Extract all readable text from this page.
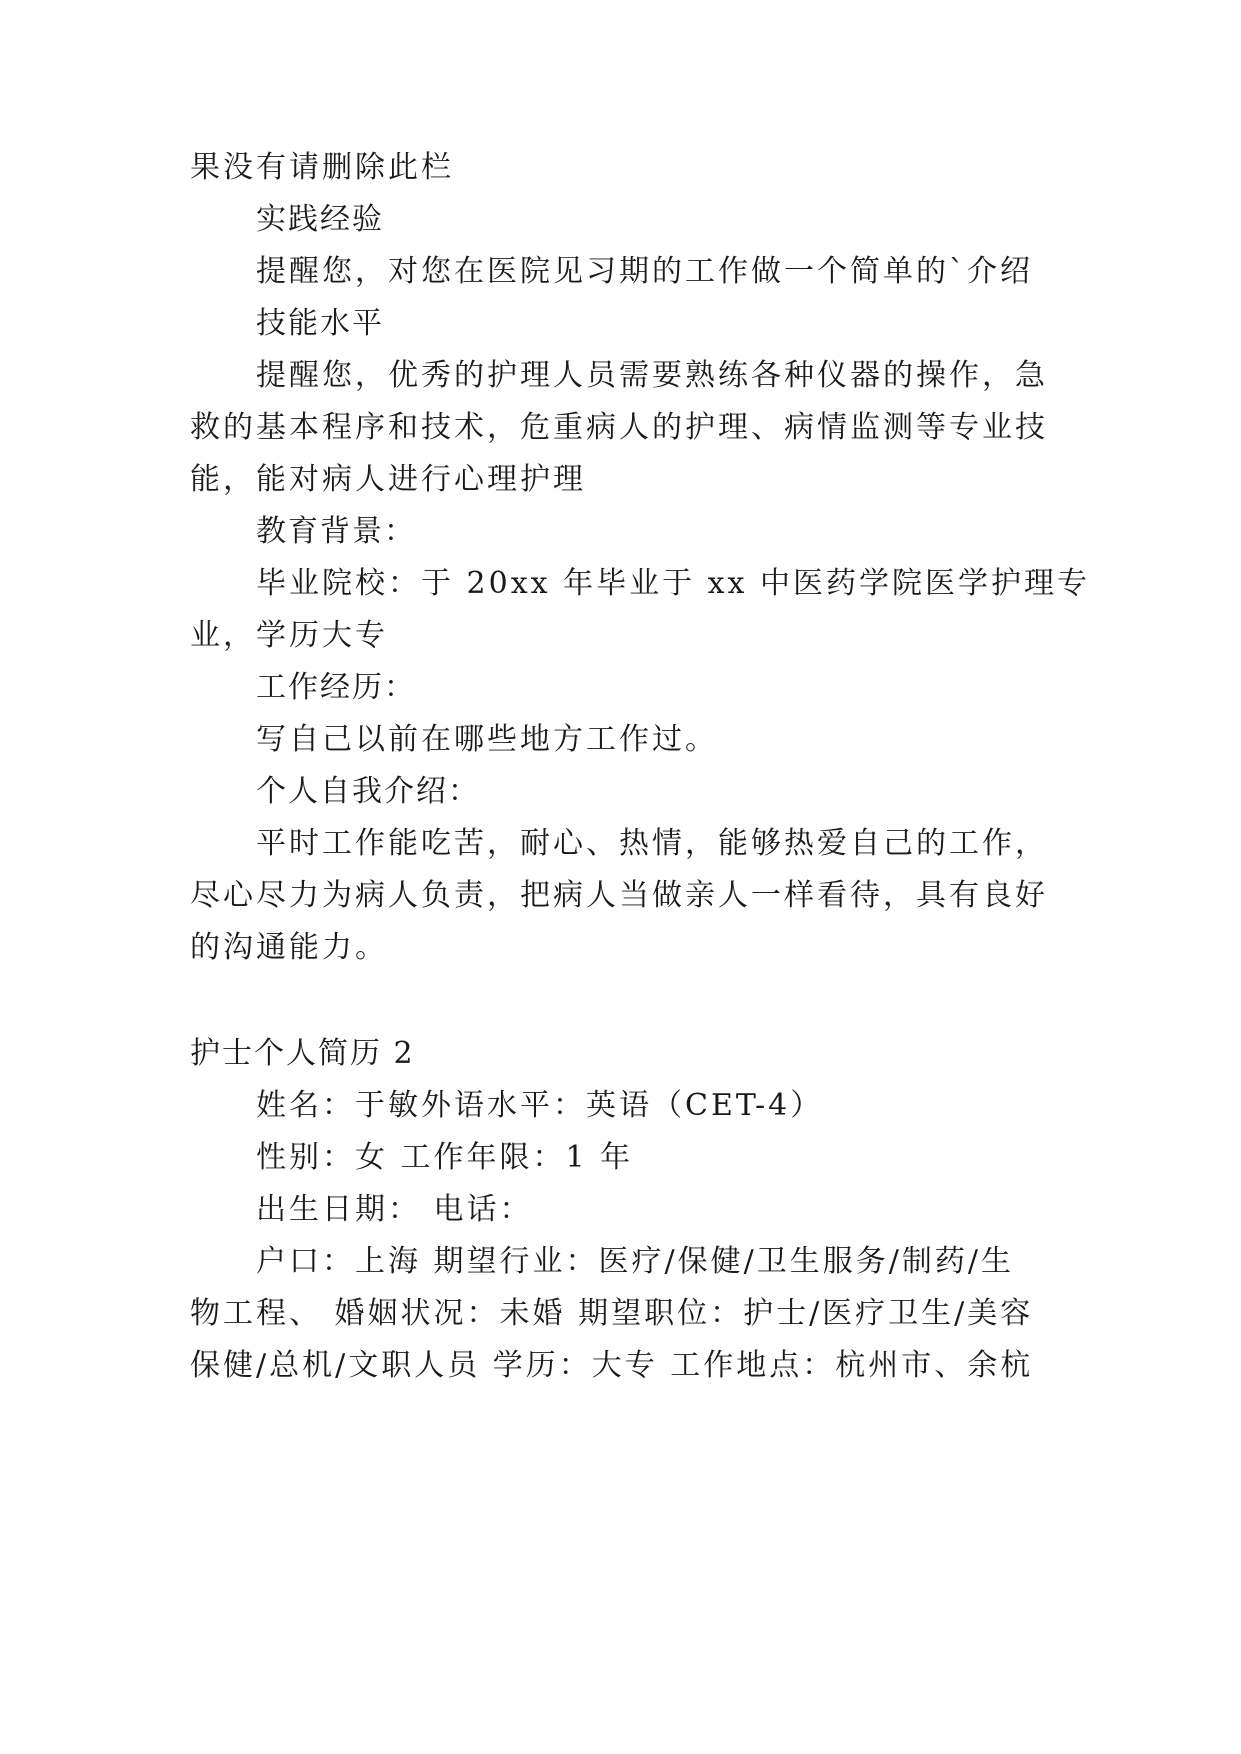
果没有请删除此栏
实践经验
提醒您，对您在医院见习期的工作做一个简单的`介绍
技能水平
提醒您，优秀的护理人员需要熟练各种仪器的操作，急
救的基本程序和技术，危重病人的护理、病情监测等专业技
能，能对病人进行心理护理
教育背景：
毕业院校：于 20xx 年毕业于 xx 中医药学院医学护理专
业，学历大专
工作经历：
写自己以前在哪些地方工作过。
个人自我介绍：
平时工作能吃苦，耐心、热情，能够热爱自己的工作，
尽心尽力为病人负责，把病人当做亲人一样看待，具有良好
的沟通能力。
护士个人简历 2
姓名：于敏外语水平：英语（CET-4）
性别：女 工作年限：1 年
出生日期： 电话：
户口：上海 期望行业：医疗/保健/卫生服务/制药/生
物工程、 婚姻状况：未婚 期望职位：护士/医疗卫生/美容
保健/总机/文职人员 学历：大专 工作地点：杭州市、余杭
